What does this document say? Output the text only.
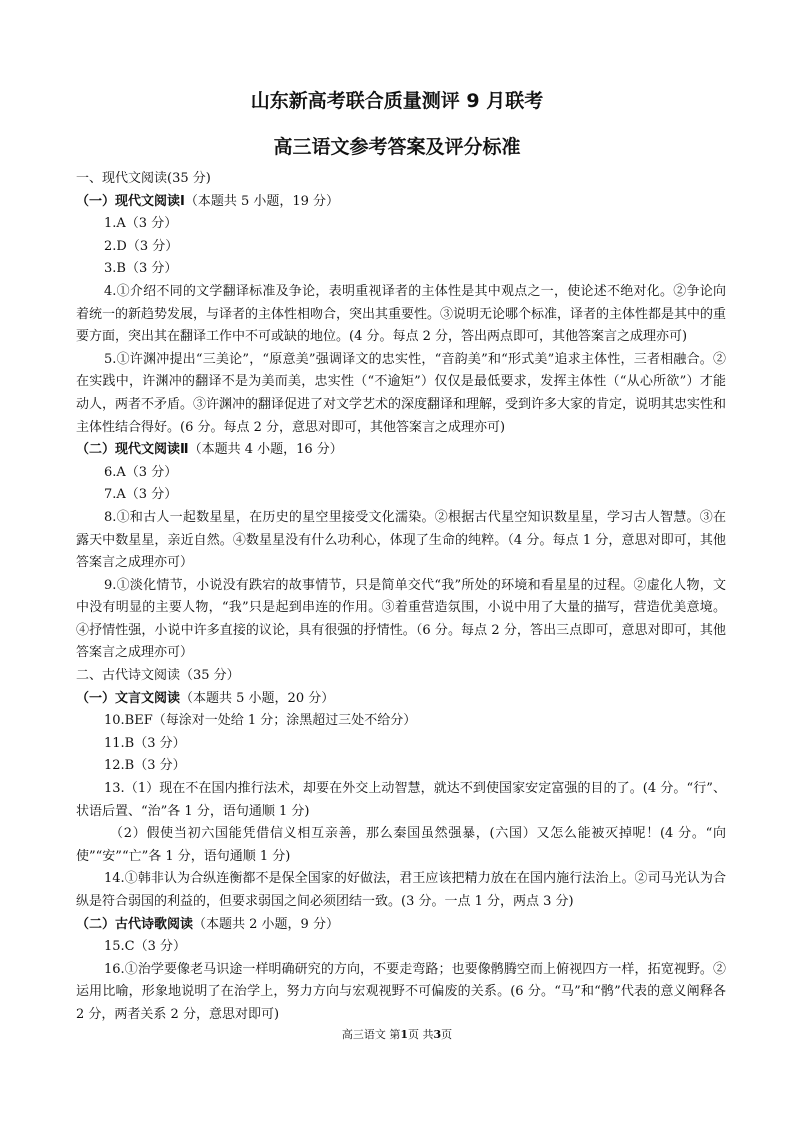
山东新高考联合质量测评 9 月联考
高三语文参考答案及评分标准

一、现代文阅读(35 分)

（一）现代文阅读Ⅰ（本题共 5 小题，19 分）

1.A（3 分）

2.D（3 分）

3.B（3 分）

4.①介绍不同的文学翻译标准及争论，表明重视译者的主体性是其中观点之一，使论述不绝对化。②争论向着统一的新趋势发展，与译者的主体性相吻合，突出其重要性。③说明无论哪个标准，译者的主体性都是其中的重要方面，突出其在翻译工作中不可或缺的地位。(4 分。每点 2 分，答出两点即可，其他答案言之成理亦可)

5.①许渊冲提出“三美论”，“原意美”强调译文的忠实性，“音韵美”和“形式美”追求主体性，三者相融合。②在实践中，许渊冲的翻译不是为美而美，忠实性（“不逾矩”）仅仅是最低要求，发挥主体性（“从心所欲”）才能动人，两者不矛盾。③许渊冲的翻译促进了对文学艺术的深度翻译和理解，受到许多大家的肯定，说明其忠实性和主体性结合得好。(6 分。每点 2 分，意思对即可，其他答案言之成理亦可)

（二）现代文阅读Ⅱ（本题共 4 小题，16 分）

6.A（3 分）

7.A（3 分）

8.①和古人一起数星星，在历史的星空里接受文化濡染。②根据古代星空知识数星星，学习古人智慧。③在露天中数星星，亲近自然。④数星星没有什么功利心，体现了生命的纯粹。（4 分。每点 1 分，意思对即可，其他答案言之成理亦可）

9.①淡化情节，小说没有跌宕的故事情节，只是简单交代“我”所处的环境和看星星的过程。②虚化人物，文中没有明显的主要人物，“我”只是起到串连的作用。③着重营造氛围，小说中用了大量的描写，营造优美意境。④抒情性强，小说中许多直接的议论，具有很强的抒情性。（6 分。每点 2 分，答出三点即可，意思对即可，其他答案言之成理亦可）

二、古代诗文阅读（35 分）

（一）文言文阅读（本题共 5 小题，20 分）

10.BEF（每涂对一处给 1 分；涂黑超过三处不给分）

11.B（3 分）

12.B（3 分）

13.（1）现在不在国内推行法术，却要在外交上动智慧，就达不到使国家安定富强的目的了。(4 分。“行”、状语后置、“治”各 1 分，语句通顺 1 分)

（2）假使当初六国能凭借信义相互亲善，那么秦国虽然强暴，(六国）又怎么能被灭掉呢！(4 分。“向使”“安”“亡”各 1 分，语句通顺 1 分)

14.①韩非认为合纵连衡都不是保全国家的好做法，君王应该把精力放在在国内施行法治上。②司马光认为合纵是符合弱国的利益的，但要求弱国之间必须团结一致。(3 分。一点 1 分，两点 3 分)

（二）古代诗歌阅读（本题共 2 小题，9 分）

15.C（3 分）

16.①治学要像老马识途一样明确研究的方向，不要走弯路；也要像鹘腾空而上俯视四方一样，拓宽视野。②运用比喻，形象地说明了在治学上，努力方向与宏观视野不可偏废的关系。(6 分。“马”和“鹘”代表的意义阐释各 2 分，两者关系 2 分，意思对即可)

高三语文 第1页 共3页
